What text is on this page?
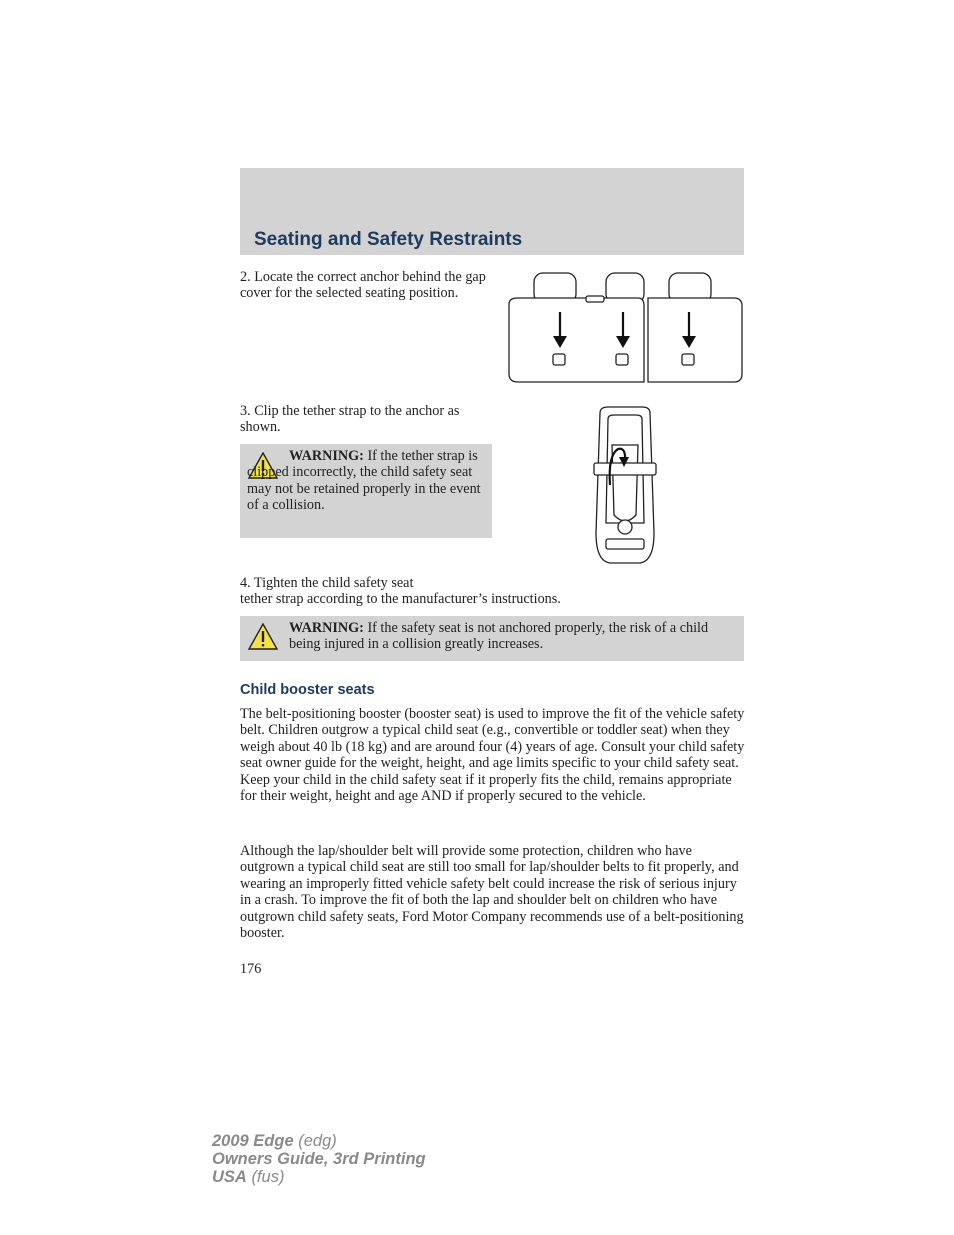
Seating and Safety Restraints
2. Locate the correct anchor behind the gap cover for the selected seating position.
3. Clip the tether strap to the anchor as shown.
WARNING: If the tether strap is clipped incorrectly, the child safety seat may not be retained properly in the event of a collision.
4. Tighten the child safety seat
tether strap according to the manufacturer’s instructions.
WARNING: If the safety seat is not anchored properly, the risk of a child being injured in a collision greatly increases.
Child booster seats
The belt-positioning booster (booster seat) is used to improve the fit of the vehicle safety belt. Children outgrow a typical child seat (e.g., convertible or toddler seat) when they weigh about 40 lb (18 kg) and are around four (4) years of age. Consult your child safety seat owner guide for the weight, height, and age limits specific to your child safety seat. Keep your child in the child safety seat if it properly fits the child, remains appropriate for their weight, height and age AND if properly secured to the vehicle.
Although the lap/shoulder belt will provide some protection, children who have outgrown a typical child seat are still too small for lap/shoulder belts to fit properly, and wearing an improperly fitted vehicle safety belt could increase the risk of serious injury in a crash. To improve the fit of both the lap and shoulder belt on children who have outgrown child safety seats, Ford Motor Company recommends use of a belt-positioning booster.
176
2009 Edge (edg)
Owners Guide, 3rd Printing
USA (fus)
